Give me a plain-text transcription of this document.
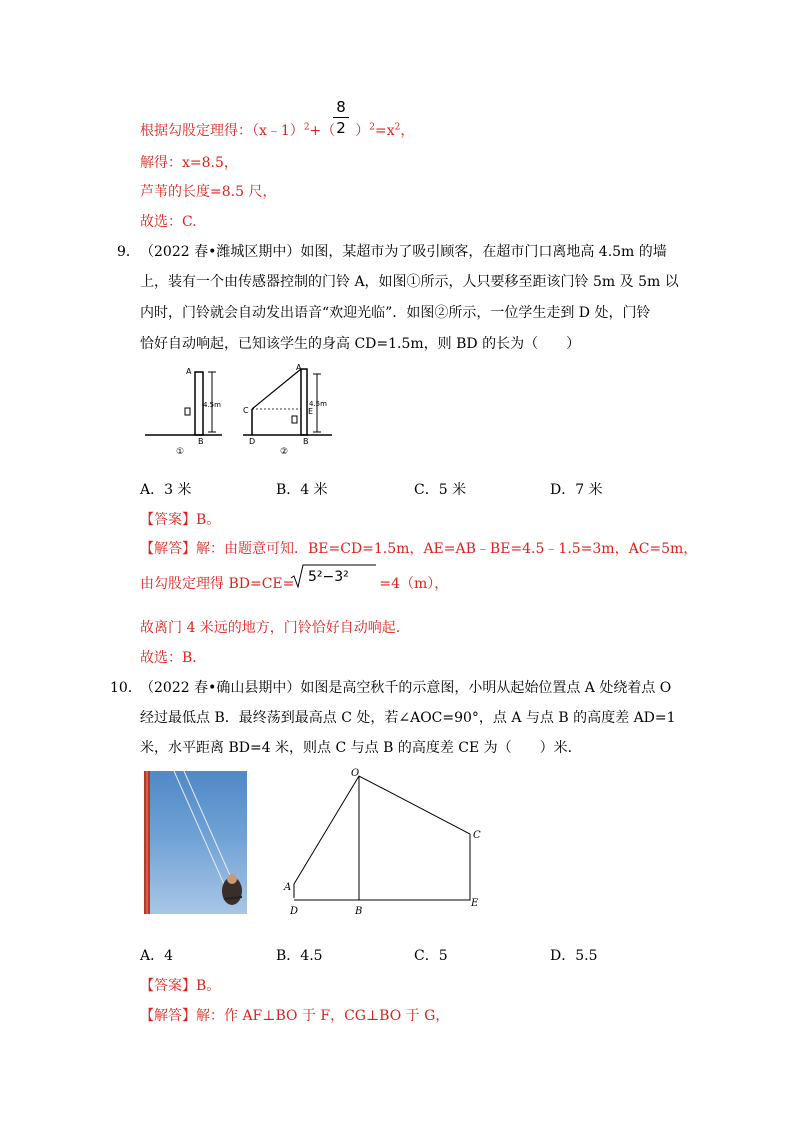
根据勾股定理得：（x﹣1）$^2$+（ ）$^2=x^2$，
8
2
解得：x=8.5，
芦苇的长度=8.5 尺，
故选：C.
9． （2022 春•潍城区期中）如图，某超市为了吸引顾客，在超市门口离地高 4.5m 的墙
上，装有一个由传感器控制的门铃 A，如图①所示，人只要移至距该门铃 5m 及 5m 以
内时，门铃就会自动发出语音“欢迎光临”．如图②所示，一位学生走到 D 处，门铃
恰好自动响起，已知该学生的身高 CD=1.5m，则 BD 的长为（　　）
A
B
4.5m
①
A
C
D
E
B
4.5m
②
A．3 米	B．4 米	C．5 米	D．7 米
【答案】B。
【解答】解：由题意可知．BE=CD=1.5m，AE=AB﹣BE=4.5﹣1.5=3m，AC=5m，
由勾股定理得 BD=CE=	=4（m），
5²−3²
故离门 4 米远的地方，门铃恰好自动响起．
故选：B.
10．
（2022 春•确山县期中）如图是高空秋千的示意图，小明从起始位置点 A 处绕着点 O
经过最低点 B．最终荡到最高点 C 处，若∠AOC=90°，点 A 与点 B 的高度差 AD=1
米，水平距离 BD=4 米，则点 C 与点 B 的高度差 CE 为（　　）米．
O
A
D	B
C
E
A．4	B．4.5	C．5	D．5.5
【答案】B。
【解答】解：作 AF⊥BO 于 F，CG⊥BO 于 G，
